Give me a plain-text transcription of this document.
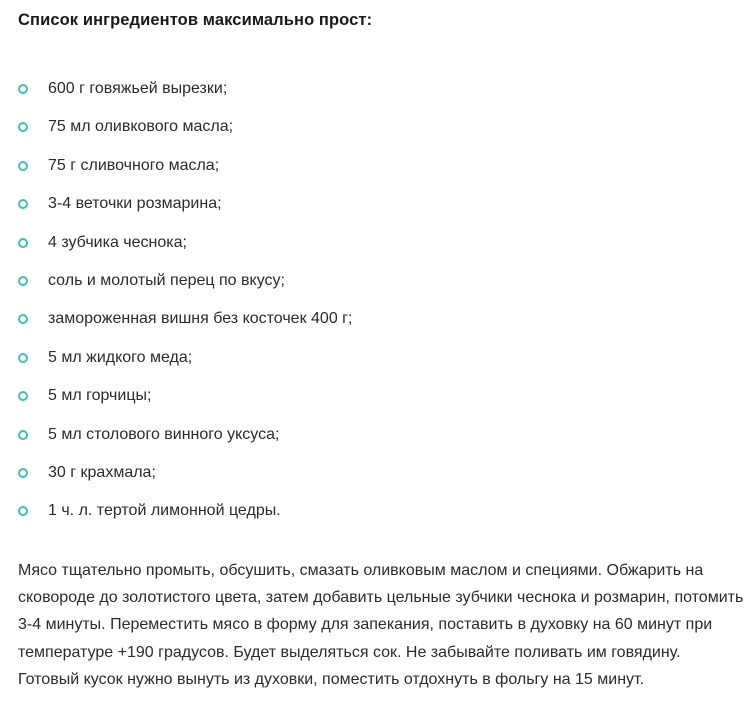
Список ингредиентов максимально прост:
600 г говяжьей вырезки;
75 мл оливкового масла;
75 г сливочного масла;
3-4 веточки розмарина;
4 зубчика чеснока;
соль и молотый перец по вкусу;
замороженная вишня без косточек 400 г;
5 мл жидкого меда;
5 мл горчицы;
5 мл столового винного уксуса;
30 г крахмала;
1 ч. л. тертой лимонной цедры.

Мясо тщательно промыть, обсушить, смазать оливковым маслом и специями. Обжарить на сковороде до золотистого цвета, затем добавить цельные зубчики чеснока и розмарин, потомить 3-4 минуты. Переместить мясо в форму для запекания, поставить в духовку на 60 минут при температуре +190 градусов. Будет выделяться сок. Не забывайте поливать им говядину. Готовый кусок нужно вынуть из духовки, поместить отдохнуть в фольгу на 15 минут.
